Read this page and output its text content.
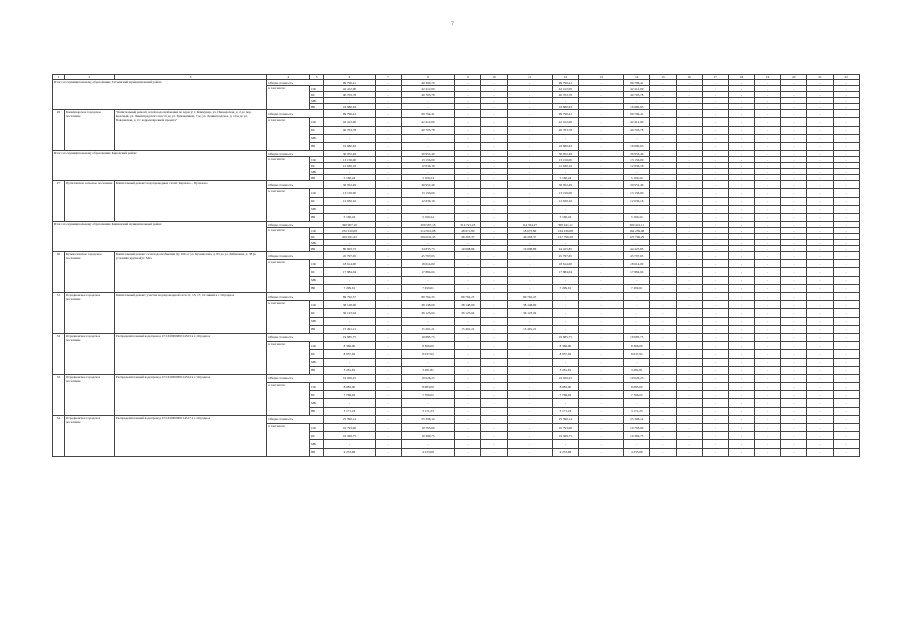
7
1	2	3	4	5	6	7	8	9	10	11	12	13	14	15	16	17	18	19	20	21	22	
Итого по муниципальному образованию Гатчинский муниципальный район:			Общая стоимость		99 796,41	-	40 360,70	-	-	-	99 796,41	-	99 796,41	-	-	-	-	-	-	-	-	
			в том числе:	СФ	42 412,00	-	42 412,00	-	-	-	42 412,00	-	42 412,00	-	-	-	-	-	-	-	-	
				БС	40 703,78	-	40 703,78	-	-	-	40 703,78	-	40 703,78	-	-	-	-	-	-	-	-	
				МБ	-	-	-	-	-	-	-	-	-	-	-	-	-	-	-	-	-	
				ВБ	16 680,63	-	-	-	-	-	16 680,63	-	16 680,63	-	-	-	-	-	-	-	-	
26	Коммунарское городское поселение	"Капитальный ремонт сетей водоснабжения по адресу: г. Коммунар, ул. Пионерская, д. 2 до пер. Красный, ул. Ленинградского шоссе до ул. Бумажников, 7 ж; ул. Ленинградское, д. 10 к до ул. Павловская, д. 2 с корректировкой проекта"	Общая стоимость		99 796,41	-	99 794,41	-	-	-	99 796,41	-	99 796,41	-	-	-	-	-	-	-	-	
			в том числе:	СФ	42 412,00	-	42 412,00	-	-	-	42 412,00	-	42 412,00	-	-	-	-	-	-	-	-	
				БС	40 703,78	-	40 703,78	-	-	-	40 703,78	-	40 703,78	-	-	-	-	-	-	-	-	
				МБ	-	-	-	-	-	-	-	-	-	-	-	-	-	-	-	-	-	
				ВБ	16 680,63	-	-	-	-	-	16 680,63	-	16 680,63	-	-	-	-	-	-	-	-	
Итого по муниципальному образованию Кировский район:			Общая стоимость		30 952,49	-	30 952,49	-	-	-	30 952,49	-	30 952,49	-	-	-	-	-	-	-	-	
			в том числе:	СФ	13 156,00	-	13 156,00	-	-	-	13 156,00	-	13 156,00	-	-	-	-	-	-	-	-	
				БС	12 636,16	-	12 636,16	-	-	-	12 636,16	-	12 636,16	-	-	-	-	-	-	-	-	
				МБ	-	-	-	-	-	-	-	-	-	-	-	-	-	-	-	-	-	
				ВБ	5 160,24	-	5 160,24	-	-	-	5 160,24	-	5 160,24	-	-	-	-	-	-	-	-	
27	Путиловское сельское поселение	Капитальный ремонт водопроводных сетей: Карпово – Путилово	Общая стоимость		30 952,49	-	30 952,49	-	-	-	30 952,49	-	30 952,49	-	-	-	-	-	-	-	-	
			в том числе:	СФ	13 156,00	-	13 156,00	-	-	-	13 156,00	-	13 156,00	-	-	-	-	-	-	-	-	
				БС	12 636,16	-	12 636,16	-	-	-	12 636,16	-	12 636,16	-	-	-	-	-	-	-	-	
				МБ	-	-	-	-	-	-	-	-	-	-	-	-	-	-	-	-	-	
				ВБ	5 160,24	-	5 160,24	-	-	-	5 160,24	-	5 160,24	-	-	-	-	-	-	-	-	
Итого по муниципальному образованию Киришский муниципальный район:			Общая стоимость		390 907,16	-	300 567,16	314 721,23	-	114 324,27	300 441,11	-	300 441,11	-	-	-	-	-	-	-	-	
			в том числе:	СФ	232 910,08	-	212 910,08	48 671,80	-	18 673,80	164 239,08	-	164 239,08	-	-	-	-	-	-	-	-	
				БС	204 041,43	-	204 041,43	46 203,37	-	46 203,37	127 796,29	-	127 796,29	-	-	-	-	-	-	-	-	
				МБ	-	-	-	-	-	-	-	-	-	-	-	-	-	-	-	-	-	
				ВБ	80 903,73	-	34 835,73	19 608,86	-	19 608,86	44 425,85	-	44 425,85	-	-	-	-	-	-	-	-	
30	Кузьмоловское городское поселение	Капитальный ремонт сети водоснабжения Ду 160 от ул. Кузьмолова, д. 63 до ул. Рябиновая, д. 38 (в условиях крупной) г. Мга	Общая стоимость		45 797,65	-	45 797,65	-	-	-	45 797,65	-	45 797,65	-	-	-	-	-	-	-	-	
			в том числе:	СФ	18 614,00	-	18 614,00	-	-	-	18 614,00	-	18 614,00	-	-	-	-	-	-	-	-	
				БС	17 884,04	-	17 884,04	-	-	-	17 884,04	-	17 884,04	-	-	-	-	-	-	-	-	
				МБ	-	-	-	-	-	-	-	-	-	-	-	-	-	-	-	-	-	
				ВБ	7 299,61	-	7 299,61	-	-	-	7 299,61	-	7 299,61	-	-	-	-	-	-	-	-	
31	Отрадненское городское поселение	Капитальный ремонт участка водопроводной сети 11, 13, 17, 19 линий в г. Отрадное	Общая стоимость		89 762,57	-	89 762,25	89 762,25	-	89 762,25	-	-	-	-	-	-	-	-	-	-	-	
			в том числе:	СФ	38 148,00	-	38 148,00	38 148,00	-	38 148,00	-	-	-	-	-	-	-	-	-	-	-	
				БС	36 123,04	-	36 123,04	36 123,04	-	36 123,04	-	-	-	-	-	-	-	-	-	-	-	
				МБ	-	-	-	-	-	-	-	-	-	-	-	-	-	-	-	-	-	
				ВБ	15 491,21	-	15 491,21	15 491,21	-	15 491,21	-	-	-	-	-	-	-	-	-	-	-	
32	Отрадненское городское поселение	Распределительный водопровод 47:16:0000000:14523 в г. Отрадное	Общая стоимость		19 685,75	-	19 685,75	-	-	-	19 685,75	-	19 685,75	-	-	-	-	-	-	-	-	
			в том числе:	СФ	8 366,00	-	8 366,00	-	-	-	8 366,00	-	8 366,00	-	-	-	-	-	-	-	-	
				БС	8 037,92	-	8 037,92	-	-	-	8 037,92	-	8 037,92	-	-	-	-	-	-	-	-	
				МБ	-	-	-	-	-	-	-	-	-	-	-	-	-	-	-	-	-	
				ВБ	3 281,81	-	3 281,81	-	-	-	3 281,81	-	3 281,81	-	-	-	-	-	-	-	-	
33	Отрадненское городское поселение	Распределительный водопровод 47:16:0000000:14524 в г. Отрадное	Общая стоимость		19 026,25	-	19 026,25	-	-	-	19 026,25	-	19 026,25	-	-	-	-	-	-	-	-	
			в том числе:	СФ	8 083,00	-	8 083,00	-	-	-	8 083,00	-	8 083,00	-	-	-	-	-	-	-	-	
				БС	7 766,02	-	7 766,02	-	-	-	7 766,02	-	7 766,02	-	-	-	-	-	-	-	-	
				МБ	-	-	-	-	-	-	-	-	-	-	-	-	-	-	-	-	-	
				ВБ	3 171,23	-	3 171,23	-	-	-	3 171,23	-	3 171,23	-	-	-	-	-	-	-	-	
34	Отрадненское городское поселение	Распределительный водопровод 47:16:0000000:14517 в г. Отрадное	Общая стоимость		25 396,14	-	25 396,14	-	-	-	25 396,14	-	25 396,14	-	-	-	-	-	-	-	-	
			в том числе:	СФ	10 793,00	-	10 793,00	-	-	-	10 793,00	-	10 793,00	-	-	-	-	-	-	-	-	
				БС	10 369,75	-	10 369,75	-	-	-	10 369,75	-	10 369,75	-	-	-	-	-	-	-	-	
				МБ	-	-	-	-	-	-	-	-	-	-	-	-	-	-	-	-	-	
				ВБ	4 233,68	-	4 233,68	-	-	-	4 233,68	-	4 233,68	-	-	-	-	-	-	-	-	
